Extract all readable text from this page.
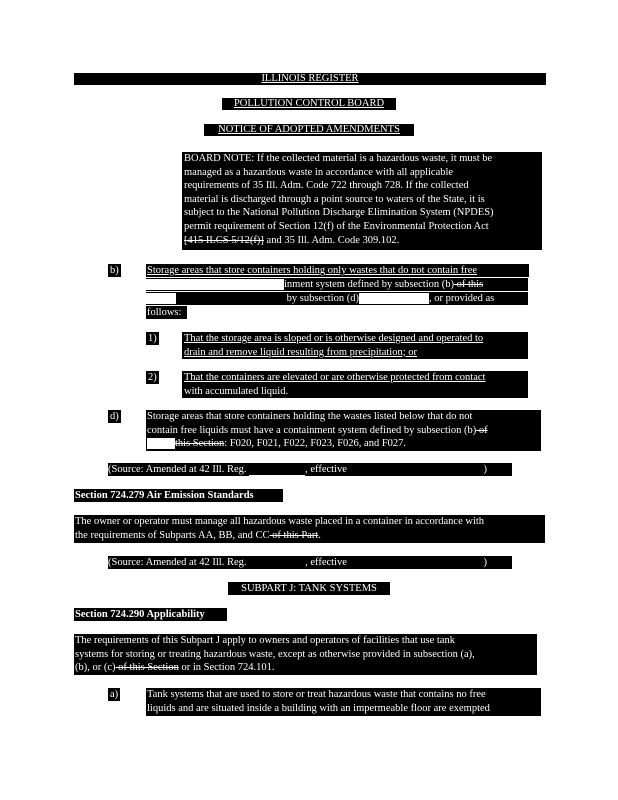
ILLINOIS REGISTER
POLLUTION CONTROL BOARD
NOTICE OF ADOPTED AMENDMENTS
BOARD NOTE: If the collected material is a hazardous waste, it must be
managed as a hazardous waste in accordance with all applicable
requirements of 35 Ill. Adm. Code 722 through 728. If the collected
material is discharged through a point source to waters of the State, it is
subject to the National Pollution Discharge Elimination System (NPDES)
permit requirement of Section 12(f) of the Environmental Protection Act
[415 ILCS 5/12(f)] and 35 Ill. Adm. Code 309.102.
b)	Storage areas that store containers holding only wastes that do not contain free
inment system defined by subsection (b) of this
by subsection (d)	, or provided as
follows:
1)	That the storage area is sloped or is otherwise designed and operated to
drain and remove liquid resulting from precipitation; or
2)	That the containers are elevated or are otherwise protected from contact
with accumulated liquid.
d)	Storage areas that store containers holding the wastes listed below that do not
contain free liquids must have a containment system defined by subsection (b) of
this Section: F020, F021, F022, F023, F026, and F027.
(Source: Amended at 42 Ill. Reg.	, effective	)
Section 724.279 Air Emission Standards
The owner or operator must manage all hazardous waste placed in a container in accordance with
the requirements of Subparts AA, BB, and CC of this Part.
(Source: Amended at 42 Ill. Reg.	, effective	)
SUBPART J: TANK SYSTEMS
Section 724.290 Applicability
The requirements of this Subpart J apply to owners and operators of facilities that use tank
systems for storing or treating hazardous waste, except as otherwise provided in subsection (a),
(b), or (c) of this Section or in Section 724.101.
a)	Tank systems that are used to store or treat hazardous waste that contains no free
liquids and are situated inside a building with an impermeable floor are exempted
